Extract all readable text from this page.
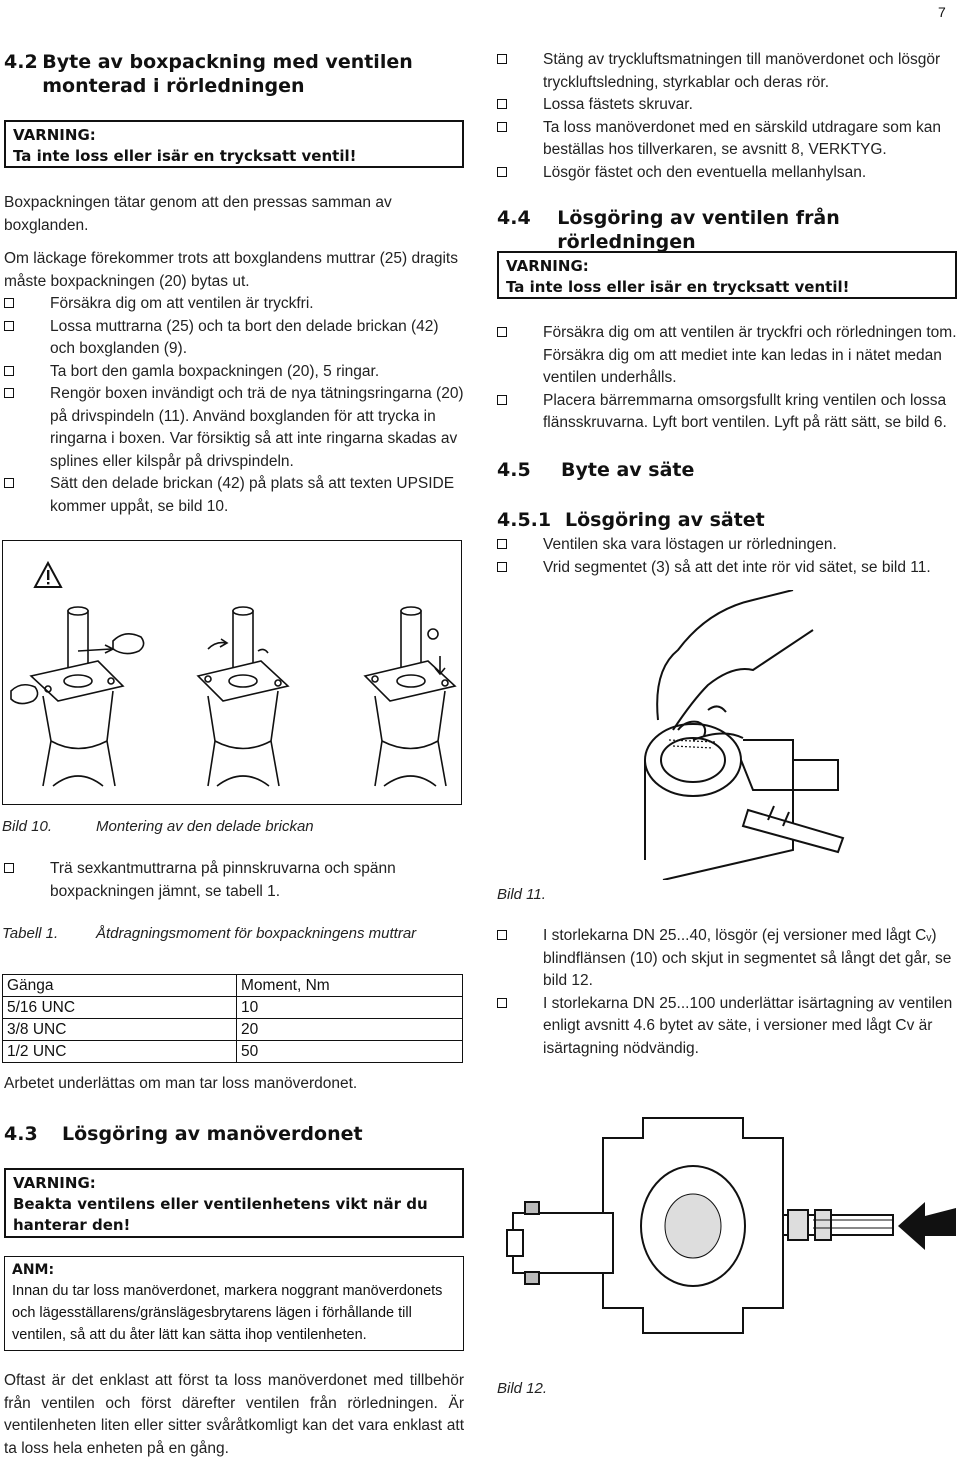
7
4.2 Byte av boxpackning med ventilen monterad i rörledningen
VARNING:
Ta inte loss eller isär en trycksatt ventil!

Boxpackningen tätar genom att den pressas samman av boxglanden.

Om läckage förekommer trots att boxglandens muttrar (25) dragits måste boxpackningen (20) bytas ut.

Försäkra dig om att ventilen är tryckfri.
Lossa muttrarna (25) och ta bort den delade brickan (42) och boxglanden (9).
Ta bort den gamla boxpackningen (20), 5 ringar.
Rengör boxen invändigt och trä de nya tätningsringarna (20) på drivspindeln (11). Använd boxglanden för att trycka in ringarna i boxen. Var försiktig så att inte ringarna skadas av splines eller kilspår på drivspindeln.
Sätt den delade brickan (42) på plats så att texten UPSIDE kommer uppåt, se bild 10.
Bild 10.	Montering av den delade brickan
Trä sexkantmuttrarna på pinnskruvarna och spänn boxpackningen jämnt, se tabell 1.
Tabell 1.	Åtdragningsmoment för boxpackningens muttrar
Gänga	Moment, Nm
5/16 UNC	10
3/8 UNC	20
1/2 UNC	50

Arbetet underlättas om man tar loss manöverdonet.

4.3	Lösgöring av manöverdonet
VARNING:
Beakta ventilens eller ventilenhetens vikt när du hanterar den!
ANM:
Innan du tar loss manöverdonet, markera noggrant manöverdonets och lägesställarens/gränslägesbrytarens lägen i förhållande till ventilen, så att du åter lätt kan sätta ihop ventilenheten.

Oftast är det enklast att först ta loss manöverdonet med tillbehör från ventilen och först därefter ventilen från rörledningen. Är ventilenheten liten eller sitter svåråtkomligt kan det vara enklast att ta loss hela enheten på en gång.

Stäng av tryckluftsmatningen till manöverdonet och lösgör tryckluftsledning, styrkablar och deras rör.
Lossa fästets skruvar.
Ta loss manöverdonet med en särskild utdragare som kan beställas hos tillverkaren, se avsnitt 8, VERKTYG.
Lösgör fästet och den eventuella mellanhylsan.
4.4	Lösgöring av ventilen från rörledningen
VARNING:
Ta inte loss eller isär en trycksatt ventil!
Försäkra dig om att ventilen är tryckfri och rörledningen tom. Försäkra dig om att mediet inte kan ledas in i nätet medan ventilen underhålls.
Placera bärremmarna omsorgsfullt kring ventilen och lossa flänsskruvarna. Lyft bort ventilen. Lyft på rätt sätt, se bild 6.
4.5	Byte av säte
4.5.1 Lösgöring av sätet
Ventilen ska vara löstagen ur rörledningen.
Vrid segmentet (3) så att det inte rör vid sätet, se bild 11.
Bild 11.
I storlekarna DN 25...40, lösgör (ej versioner med lågt Cᵥ) blindflänsen (10) och skjut in segmentet så långt det går, se bild 12.
I storlekarna DN 25...100 underlättar isärtagning av ventilen enligt avsnitt 4.6 bytet av säte, i versioner med lågt Cv är isärtagning nödvändig.
Bild 12.
